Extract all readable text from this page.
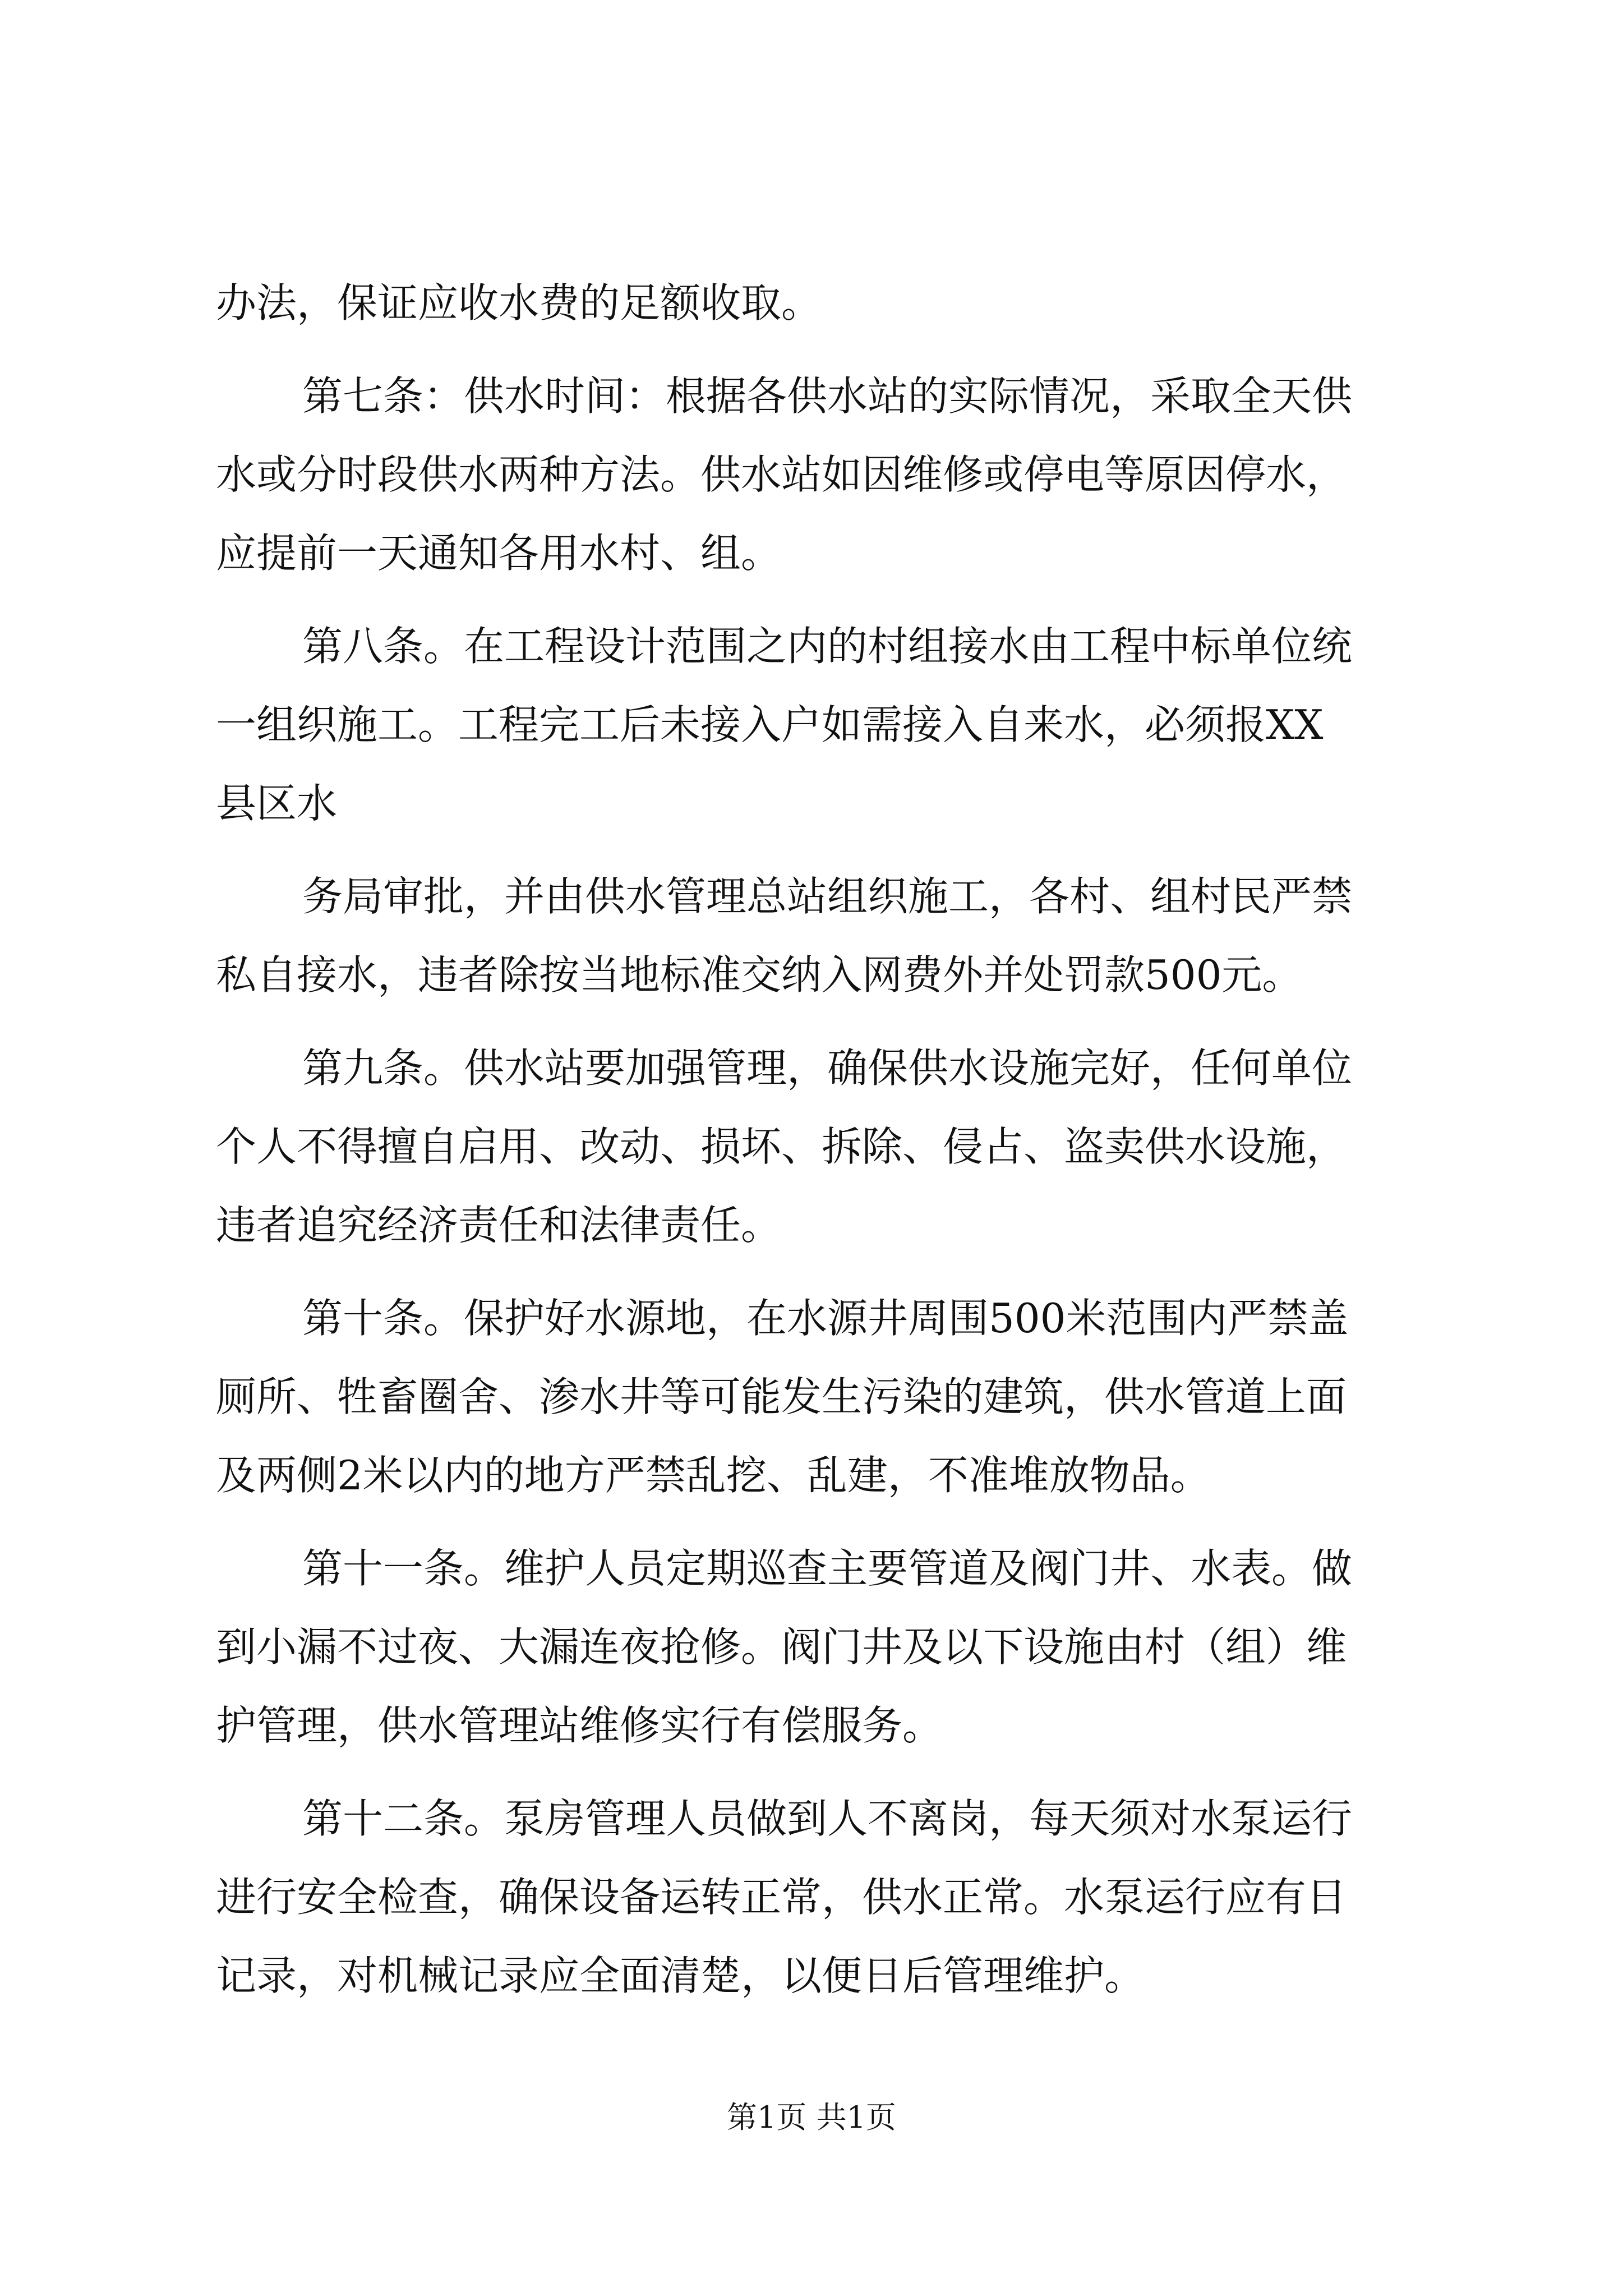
办法，保证应收水费的足额收取。

第七条：供水时间：根据各供水站的实际情况，采取全天供
水或分时段供水两种方法。供水站如因维修或停电等原因停水，
应提前一天通知各用水村、组。

第八条。在工程设计范围之内的村组接水由工程中标单位统
一组织施工。工程完工后未接入户如需接入自来水，必须报XX
县区水

务局审批，并由供水管理总站组织施工，各村、组村民严禁
私自接水，违者除按当地标准交纳入网费外并处罚款500元。

第九条。供水站要加强管理，确保供水设施完好，任何单位
个人不得擅自启用、改动、损坏、拆除、侵占、盗卖供水设施，
违者追究经济责任和法律责任。

第十条。保护好水源地，在水源井周围500米范围内严禁盖
厕所、牲畜圈舍、渗水井等可能发生污染的建筑，供水管道上面
及两侧2米以内的地方严禁乱挖、乱建，不准堆放物品。

第十一条。维护人员定期巡查主要管道及阀门井、水表。做
到小漏不过夜、大漏连夜抢修。阀门井及以下设施由村（组）维
护管理，供水管理站维修实行有偿服务。

第十二条。泵房管理人员做到人不离岗，每天须对水泵运行
进行安全检查，确保设备运转正常，供水正常。水泵运行应有日
记录，对机械记录应全面清楚，以便日后管理维护。

第1页 共1页
